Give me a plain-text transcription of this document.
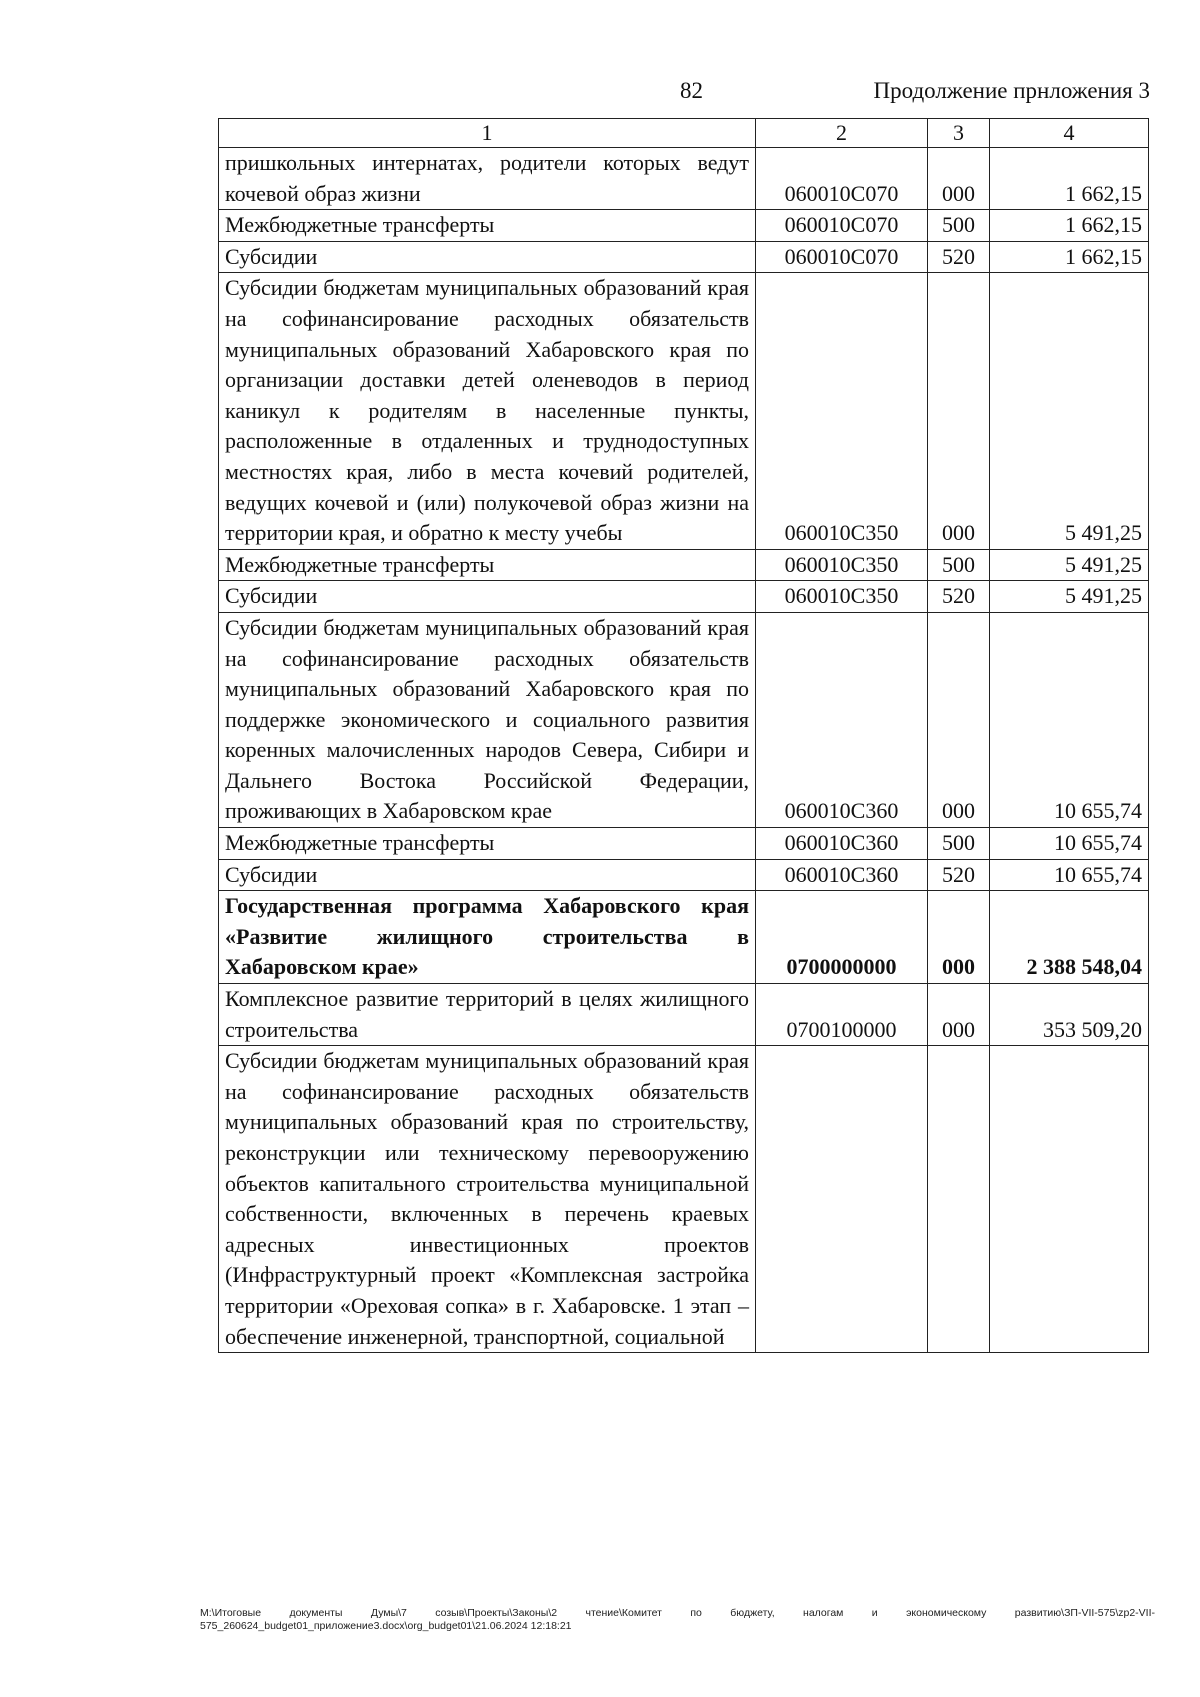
82	Продолжение прнложения 3
1	2	3	4
пришкольных интернатах, родители которых ведут кочевой образ жизни	060010С070	000	1 662,15
Межбюджетные трансферты	060010С070	500	1 662,15
Субсидии	060010С070	520	1 662,15
Субсидии бюджетам муниципальных образований края на софинансирование расходных обязательств муниципальных образований Хабаровского края по организации доставки детей оленеводов в период каникул к родителям в населенные пункты, расположенные в отдаленных и труднодоступных местностях края, либо в места кочевий родителей, ведущих кочевой и (или) полукочевой образ жизни на территории края, и обратно к месту учебы	060010С350	000	5 491,25
Межбюджетные трансферты	060010С350	500	5 491,25
Субсидии	060010С350	520	5 491,25
Субсидии бюджетам муниципальных образований края на софинансирование расходных обязательств муниципальных образований Хабаровского края по поддержке экономического и социального развития коренных малочисленных народов Севера, Сибири и Дальнего Востока Российской Федерации, проживающих в Хабаровском крае	060010С360	000	10 655,74
Межбюджетные трансферты	060010С360	500	10 655,74
Субсидии	060010С360	520	10 655,74
Государственная программа Хабаровского края «Развитие жилищного строительства в Хабаровском крае»	0700000000	000	2 388 548,04
Комплексное развитие территорий в целях жилищного строительства	0700100000	000	353 509,20
Субсидии бюджетам муниципальных образований края на софинансирование расходных обязательств муниципальных образований края по строительству, реконструкции или техническому перевооружению объектов капитального строительства муниципальной собственности, включенных в перечень краевых адресных инвестиционных проектов (Инфраструктурный проект «Комплексная застройка территории «Ореховая сопка» в г. Хабаровске. 1 этап – обеспечение инженерной, транспортной, социальной			
M:\Итоговые документы Думы\7 созыв\Проекты\Законы\2 чтение\Комитет по бюджету, налогам и экономическому развитию\ЗП-VII-575\zp2-VII-575_260624_budget01_приложение3.docx\org_budget01\21.06.2024 12:18:21
